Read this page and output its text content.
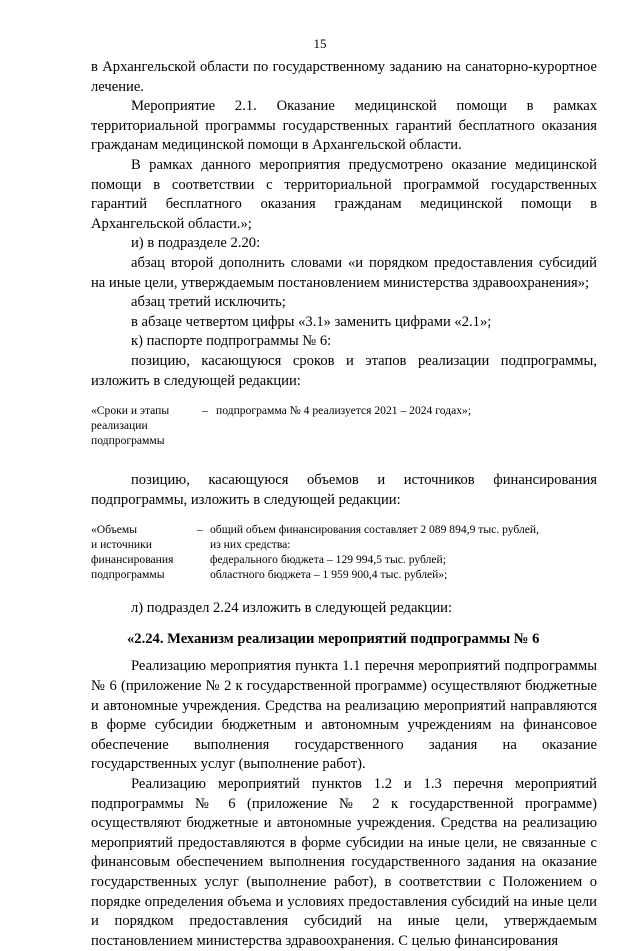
15

в Архангельской области по государственному заданию на санаторно-курортное лечение.

Мероприятие 2.1. Оказание медицинской помощи в рамках территориальной программы государственных гарантий бесплатного оказания гражданам медицинской помощи в Архангельской области.

В рамках данного мероприятия предусмотрено оказание медицинской помощи в соответствии с территориальной программой государственных гарантий бесплатного оказания гражданам медицинской помощи в Архангельской области.»;

и) в подразделе 2.20:

абзац второй дополнить словами «и порядком предоставления субсидий на иные цели, утверждаемым постановлением министерства здравоохранения»;

абзац третий исключить;

в абзаце четвертом цифры «3.1» заменить цифрами «2.1»;

к) паспорте подпрограммы № 6:

позицию, касающуюся сроков и этапов реализации подпрограммы, изложить в следующей редакции:

«Сроки и этапы
реализации
подпрограммы
– подпрограмма № 4 реализуется 2021 – 2024 годах»;

позицию, касающуюся объемов и источников финансирования подпрограммы, изложить в следующей редакции:

«Объемы
и источники
финансирования
подпрограммы
– общий объем финансирования составляет 2 089 894,9 тыс. рублей,
из них средства:
федерального бюджета – 129 994,5 тыс. рублей;
областного бюджета – 1 959 900,4 тыс. рублей»;

л) подраздел 2.24 изложить в следующей редакции:

«2.24. Механизм реализации мероприятий подпрограммы № 6

Реализацию мероприятия пункта 1.1 перечня мероприятий подпрограммы № 6 (приложение № 2 к государственной программе) осуществляют бюджетные и автономные учреждения. Средства на реализацию мероприятий направляются в форме субсидии бюджетным и автономным учреждениям на финансовое обеспечение выполнения государственного задания на оказание государственных услуг (выполнение работ).

Реализацию мероприятий пунктов 1.2 и 1.3 перечня мероприятий подпрограммы № 6 (приложение № 2 к государственной программе) осуществляют бюджетные и автономные учреждения. Средства на реализацию мероприятий предоставляются в форме субсидии на иные цели, не связанные с финансовым обеспечением выполнения государственного задания на оказание государственных услуг (выполнение работ), в соответствии с Положением о порядке определения объема и условиях предоставления субсидий на иные цели и порядком предоставления субсидий на иные цели, утверждаемым постановлением министерства здравоохранения. С целью финансирования
